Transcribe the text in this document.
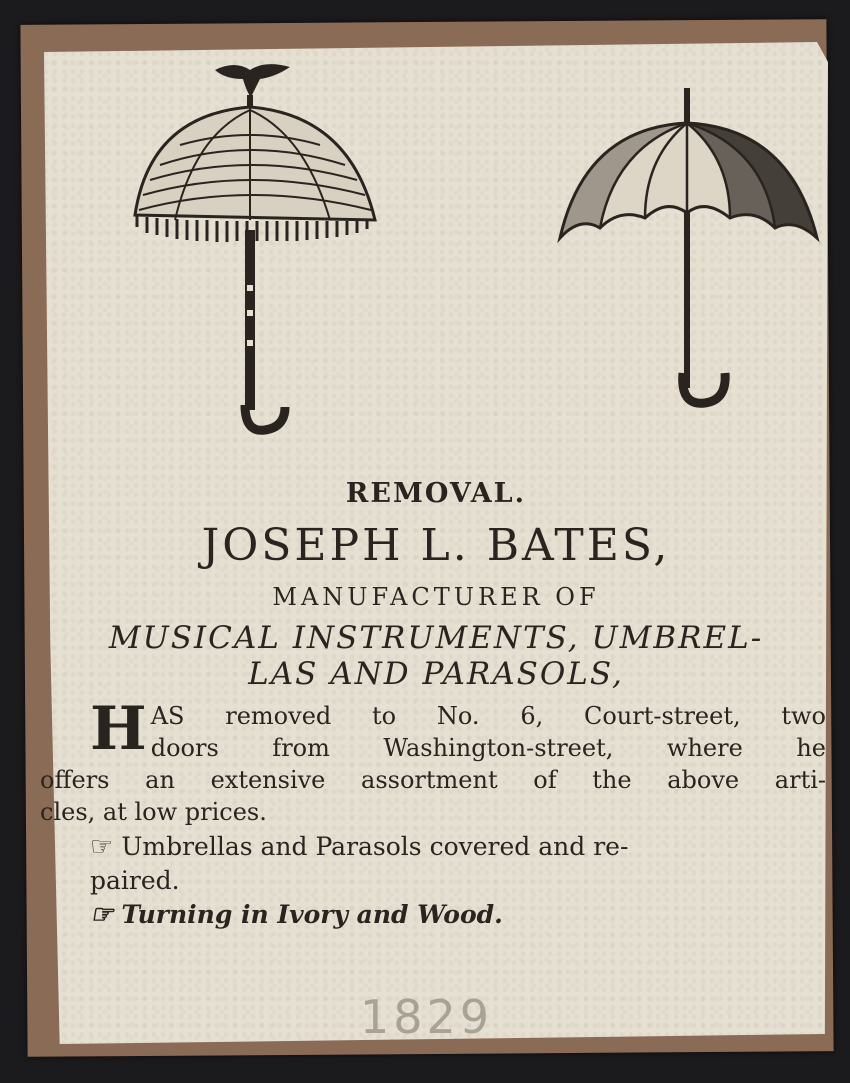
REMOVAL.
JOSEPH L. BATES,
MANUFACTURER OF
MUSICAL INSTRUMENTS, UMBREL-
LAS AND PARASOLS,
H AS removed to No. 6, Court-street, two
doors from Washington-street, where he
offers an extensive assortment of the above arti-
cles, at low prices.
☞ Umbrellas and Parasols covered and re-
paired.
☞ Turning in Ivory and Wood.
1829
